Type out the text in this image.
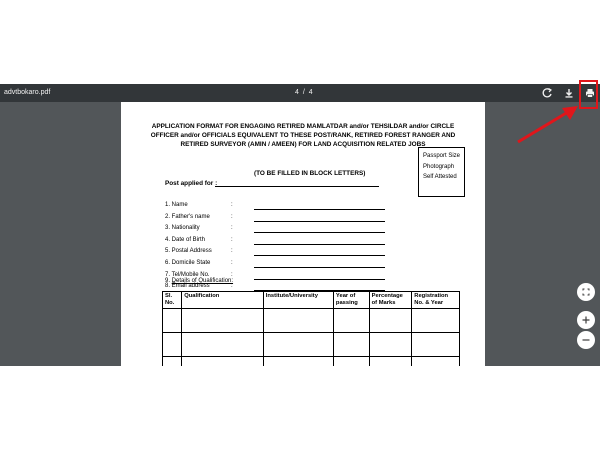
advtbokaro.pdf	4 / 4
APPLICATION FORMAT FOR ENGAGING RETIRED MAMLATDAR and/or TEHSILDAR and/or CIRCLE
OFFICER and/or OFFICIALS EQUIVALENT TO THESE POST/RANK, RETIRED FOREST RANGER AND
RETIRED SURVEYOR (AMIN / AMEEN) FOR LAND ACQUISITION RELATED JOBS
Passport Size
Photograph
Self Attested
(TO BE FILLED IN BLOCK LETTERS)
Post applied for :
1. Name	:
2. Father's name	:
3. Nationality	:
4. Date of Birth	:
5. Postal Address	:
6. Domicile State	:
7. Tel/Mobile No.	:
8. Email address	:
9. Details of Qualification:
Sl. No.	Qualification	Institute/University	Year of passing	Percentage of Marks	Registration No. & Year
